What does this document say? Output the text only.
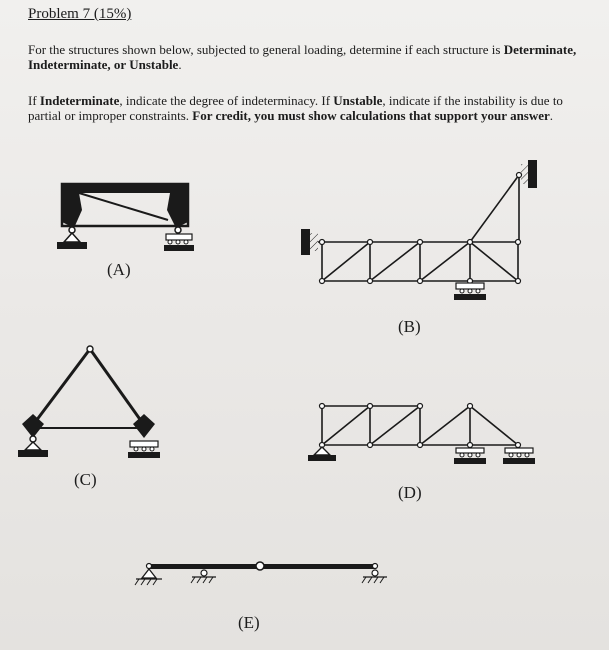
Problem 7 (15%)
For the structures shown below, subjected to general loading, determine if each structure is Determinate, Indeterminate, or Unstable.
If Indeterminate, indicate the degree of indeterminacy. If Unstable, indicate if the instability is due to partial or improper constraints. For credit, you must show calculations that support your answer.
(A)
(B)
(C)
(D)
(E)
